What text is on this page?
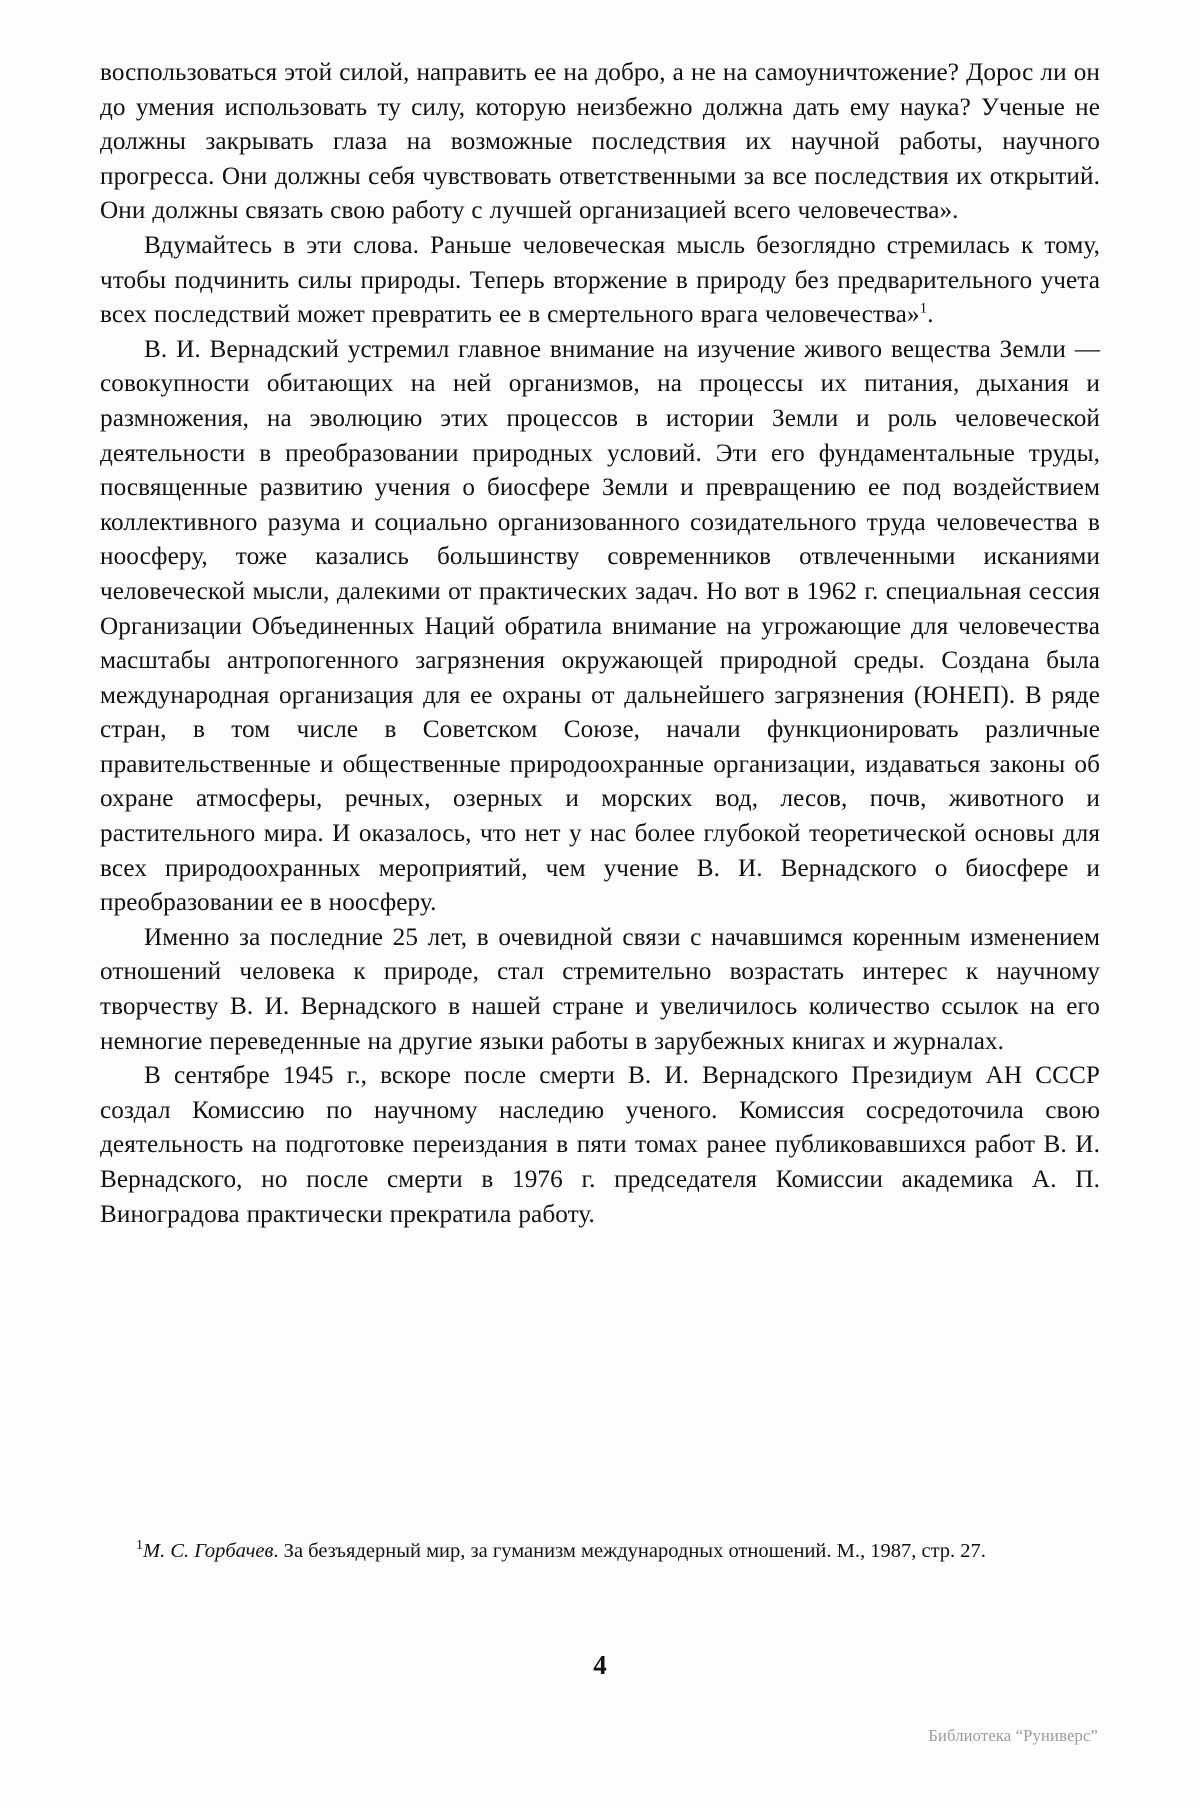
воспользоваться этой силой, направить ее на добро, а не на самоуничтожение? Дорос ли он до умения использовать ту силу, которую неизбежно должна дать ему наука? Ученые не должны закрывать глаза на возможные последствия их научной работы, научного прогресса. Они должны себя чувствовать ответственными за все последствия их открытий. Они должны связать свою работу с лучшей организацией всего человечества».

Вдумайтесь в эти слова. Раньше человеческая мысль безоглядно стремилась к тому, чтобы подчинить силы природы. Теперь вторжение в природу без предварительного учета всех последствий может превратить ее в смертельного врага человечества»$^1$.

В. И. Вернадский устремил главное внимание на изучение живого вещества Земли — совокупности обитающих на ней организмов, на процессы их питания, дыхания и размножения, на эволюцию этих процессов в истории Земли и роль человеческой деятельности в преобразовании природных условий. Эти его фундаментальные труды, посвященные развитию учения о биосфере Земли и превращению ее под воздействием коллективного разума и социально организованного созидательного труда человечества в ноосферу, тоже казались большинству современников отвлеченными исканиями человеческой мысли, далекими от практических задач. Но вот в 1962 г. специальная сессия Организации Объединенных Наций обратила внимание на угрожающие для человечества масштабы антропогенного загрязнения окружающей природной среды. Создана была международная организация для ее охраны от дальнейшего загрязнения (ЮНЕП). В ряде стран, в том числе в Советском Союзе, начали функционировать различные правительственные и общественные природоохранные организации, издаваться законы об охране атмосферы, речных, озерных и морских вод, лесов, почв, животного и растительного мира. И оказалось, что нет у нас более глубокой теоретической основы для всех природоохранных мероприятий, чем учение В. И. Вернадского о биосфере и преобразовании ее в ноосферу.

Именно за последние 25 лет, в очевидной связи с начавшимся коренным изменением отношений человека к природе, стал стремительно возрастать интерес к научному творчеству В. И. Вернадского в нашей стране и увеличилось количество ссылок на его немногие переведенные на другие языки работы в зарубежных книгах и журналах.

В сентябре 1945 г., вскоре после смерти В. И. Вернадского Президиум АН СССР создал Комиссию по научному наследию ученого. Комиссия сосредоточила свою деятельность на подготовке переиздания в пяти томах ранее публиковавшихся работ В. И. Вернадского, но после смерти в 1976 г. председателя Комиссии академика А. П. Виноградова практически прекратила работу.

$^1$М. С. Горбачев. За безъядерный мир, за гуманизм международных отношений. М., 1987, стр. 27.

4
Библиотека “Руниверс”
